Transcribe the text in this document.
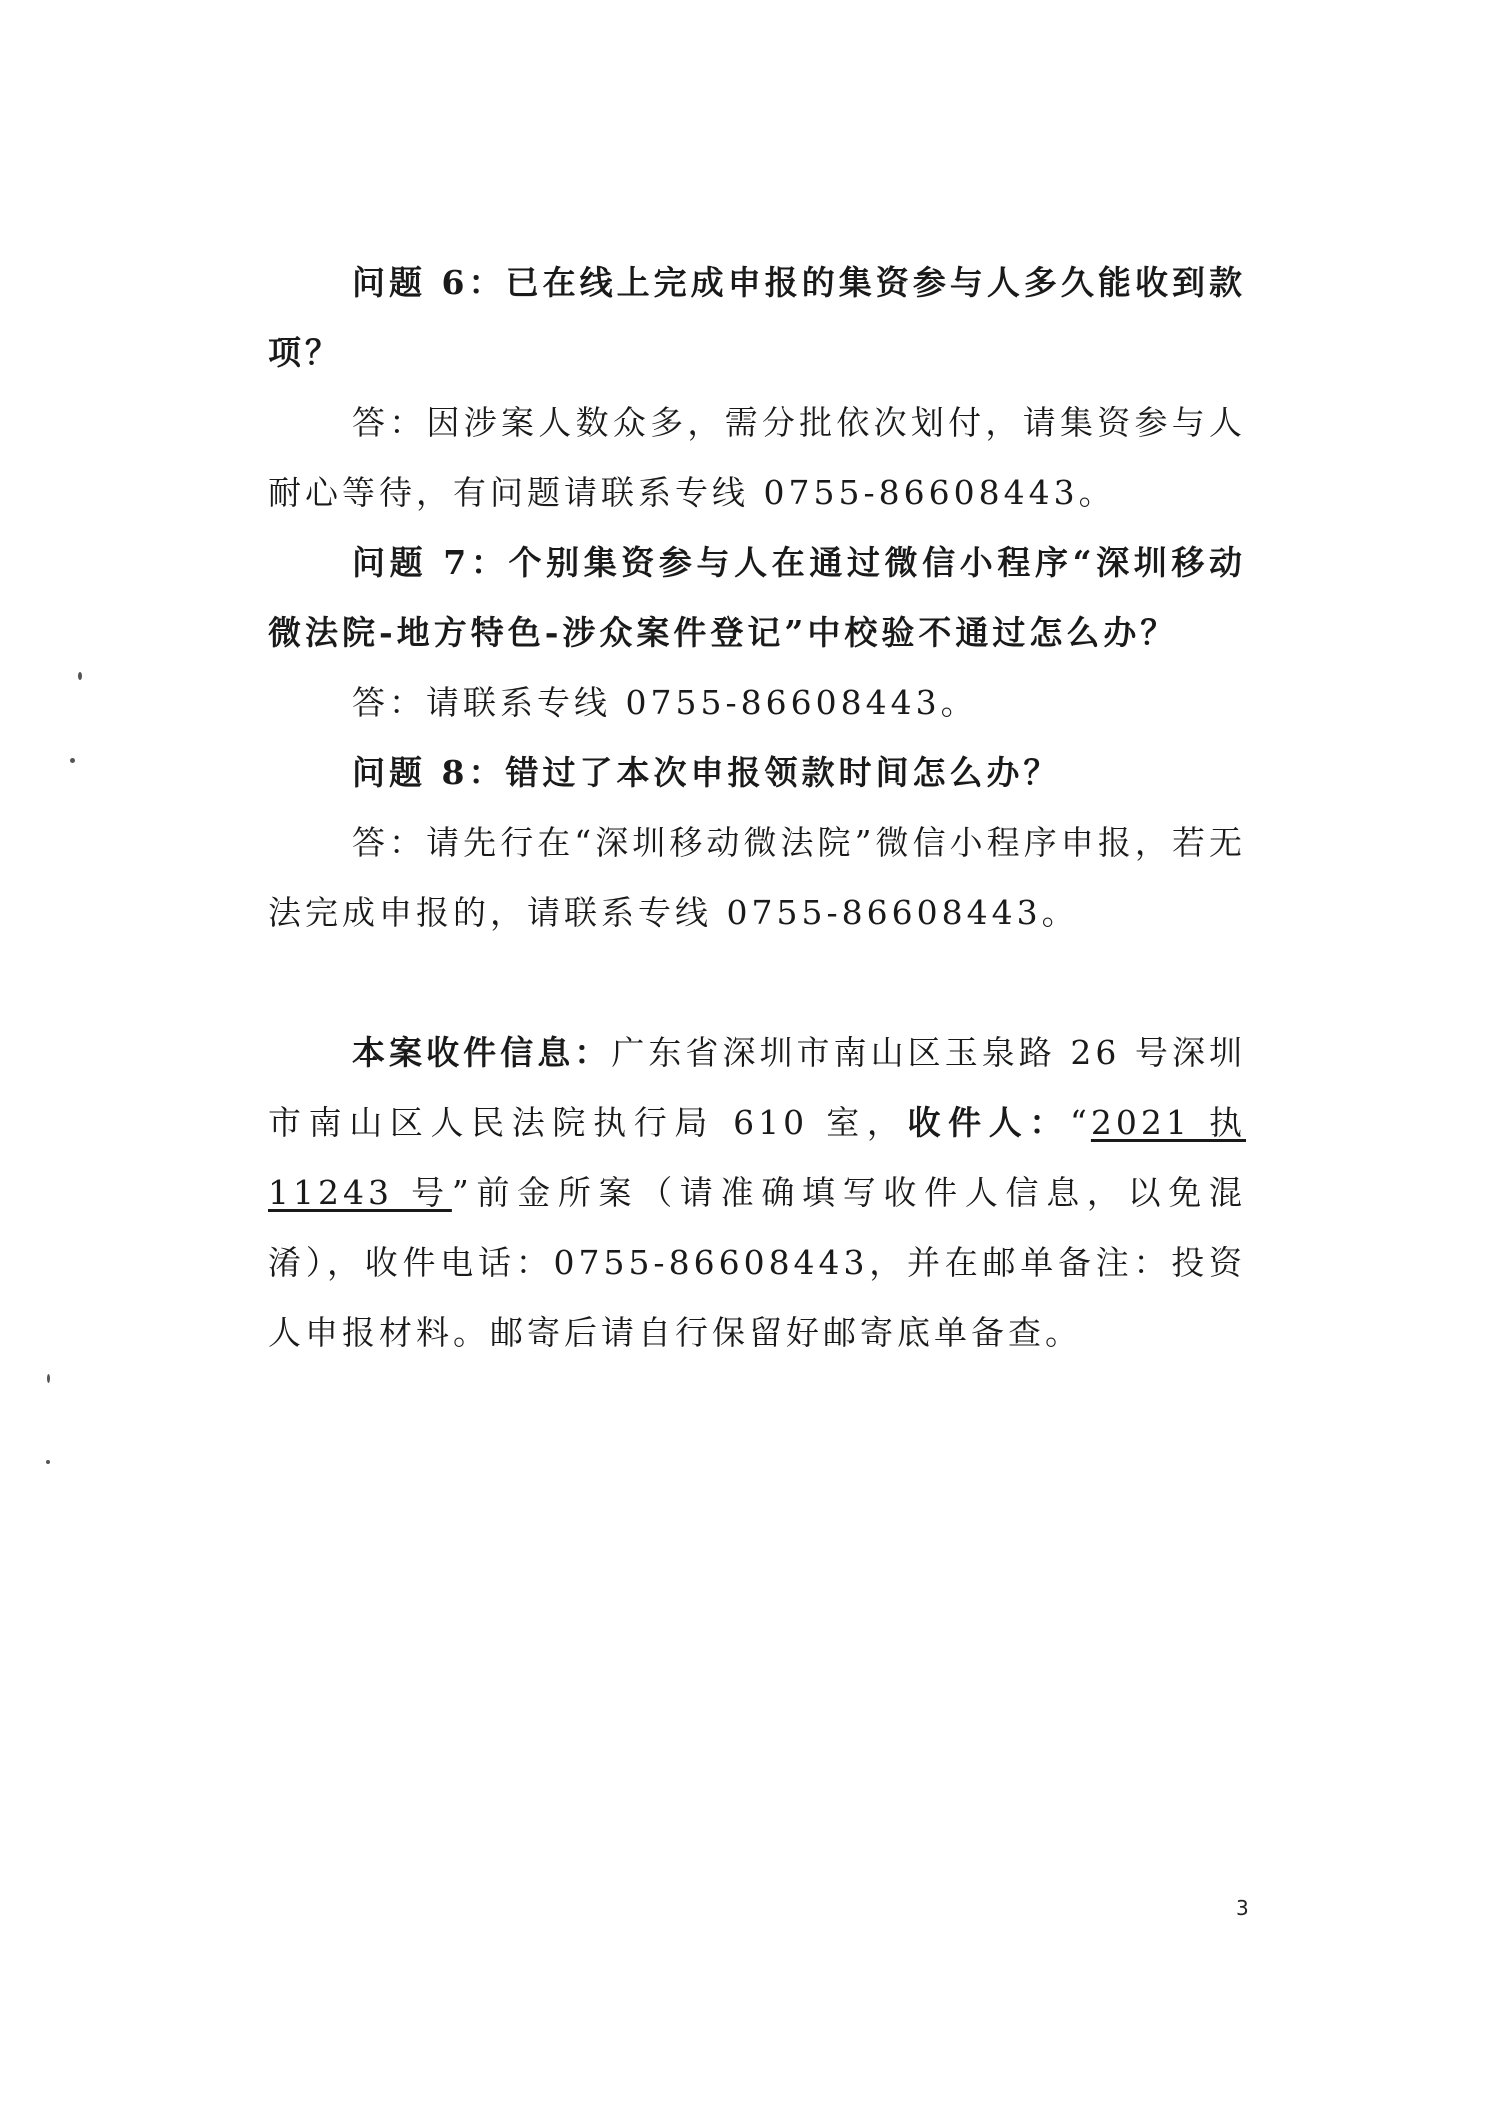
问题 6：已在线上完成申报的集资参与人多久能收到款项？

答：因涉案人数众多，需分批依次划付，请集资参与人耐心等待，有问题请联系专线 0755-86608443。

问题 7：个别集资参与人在通过微信小程序“深圳移动微法院-地方特色-涉众案件登记”中校验不通过怎么办？

答：请联系专线 0755-86608443。

问题 8：错过了本次申报领款时间怎么办？

答：请先行在“深圳移动微法院”微信小程序申报，若无法完成申报的，请联系专线 0755-86608443。

本案收件信息：广东省深圳市南山区玉泉路 26 号深圳市南山区人民法院执行局 610 室，收件人：“2021 执 11243 号”前金所案（请准确填写收件人信息，以免混淆），收件电话：0755-86608443，并在邮单备注：投资人申报材料。邮寄后请自行保留好邮寄底单备查。

3
